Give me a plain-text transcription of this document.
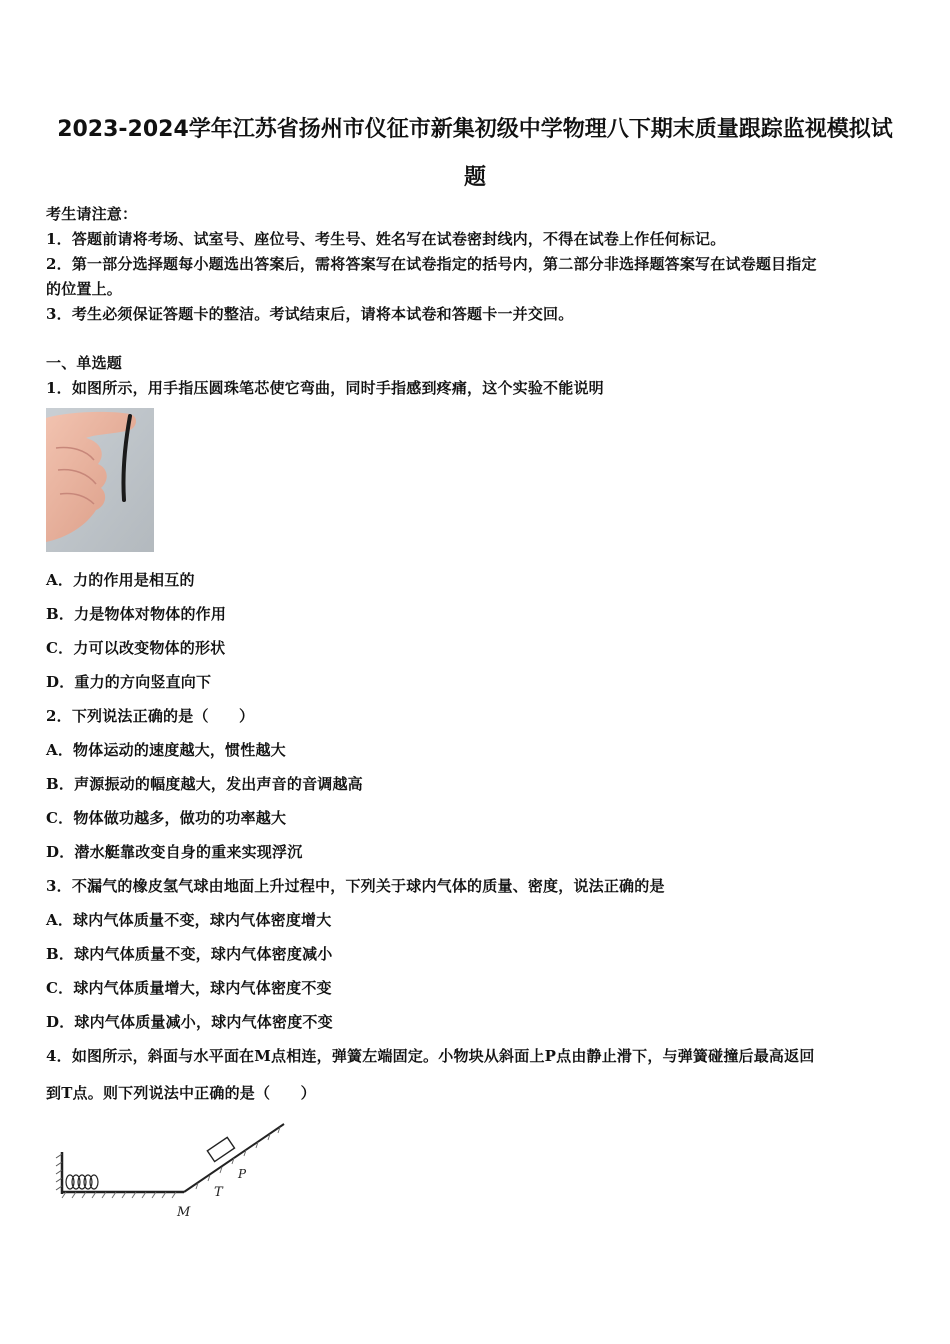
2023-2024学年江苏省扬州市仪征市新集初级中学物理八下期末质量跟踪监视模拟试
题
考生请注意：
1．答题前请将考场、试室号、座位号、考生号、姓名写在试卷密封线内，不得在试卷上作任何标记。
2．第一部分选择题每小题选出答案后，需将答案写在试卷指定的括号内，第二部分非选择题答案写在试卷题目指定
的位置上。
3．考生必须保证答题卡的整洁。考试结束后，请将本试卷和答题卡一并交回。
一、单选题
1．如图所示，用手指压圆珠笔芯使它弯曲，同时手指感到疼痛，这个实验不能说明
A．力的作用是相互的
B．力是物体对物体的作用
C．力可以改变物体的形状
D．重力的方向竖直向下
2．下列说法正确的是（　　）
A．物体运动的速度越大，惯性越大
B．声源振动的幅度越大，发出声音的音调越高
C．物体做功越多，做功的功率越大
D．潜水艇靠改变自身的重来实现浮沉
3．不漏气的橡皮氢气球由地面上升过程中，下列关于球内气体的质量、密度，说法正确的是
A．球内气体质量不变，球内气体密度增大
B．球内气体质量不变，球内气体密度减小
C．球内气体质量增大，球内气体密度不变
D．球内气体质量减小，球内气体密度不变
4．如图所示，斜面与水平面在M点相连，弹簧左端固定。小物块从斜面上P点由静止滑下，与弹簧碰撞后最高返回
到T点。则下列说法中正确的是（　　）
M
T
P
